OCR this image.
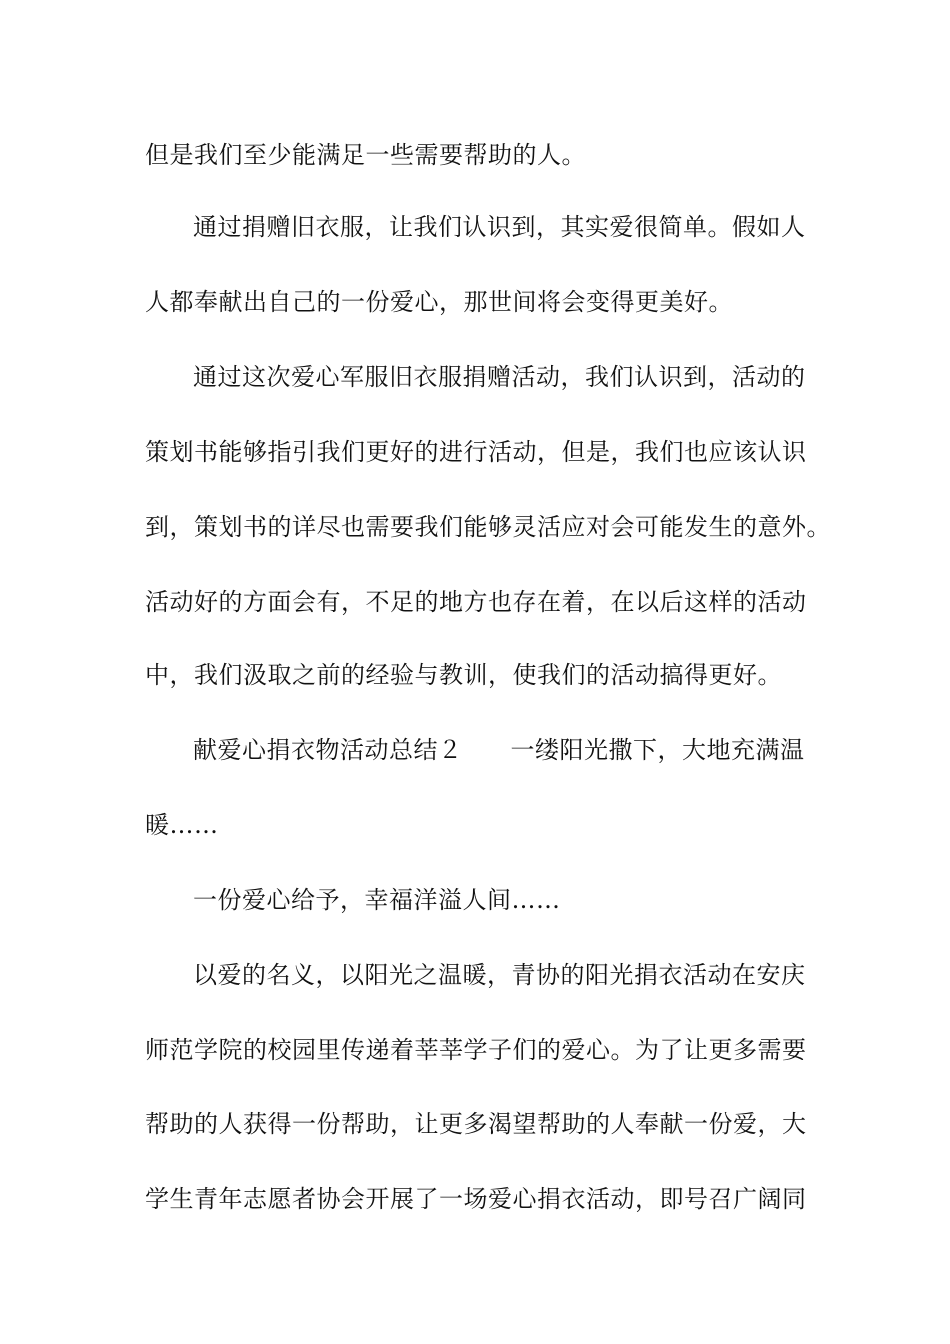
但是我们至少能满足一些需要帮助的人。
通过捐赠旧衣服，让我们认识到，其实爱很简单。假如人
人都奉献出自己的一份爱心，那世间将会变得更美好。
通过这次爱心军服旧衣服捐赠活动，我们认识到，活动的
策划书能够指引我们更好的进行活动，但是，我们也应该认识
到，策划书的详尽也需要我们能够灵活应对会可能发生的意外。
活动好的方面会有，不足的地方也存在着，在以后这样的活动
中，我们汲取之前的经验与教训，使我们的活动搞得更好。
献爱心捐衣物活动总结２ 一缕阳光撒下，大地充满温
暖……
一份爱心给予，幸福洋溢人间……
以爱的名义，以阳光之温暖，青协的阳光捐衣活动在安庆
师范学院的校园里传递着莘莘学子们的爱心。为了让更多需要
帮助的人获得一份帮助，让更多渴望帮助的人奉献一份爱，大
学生青年志愿者协会开展了一场爱心捐衣活动，即号召广阔同
